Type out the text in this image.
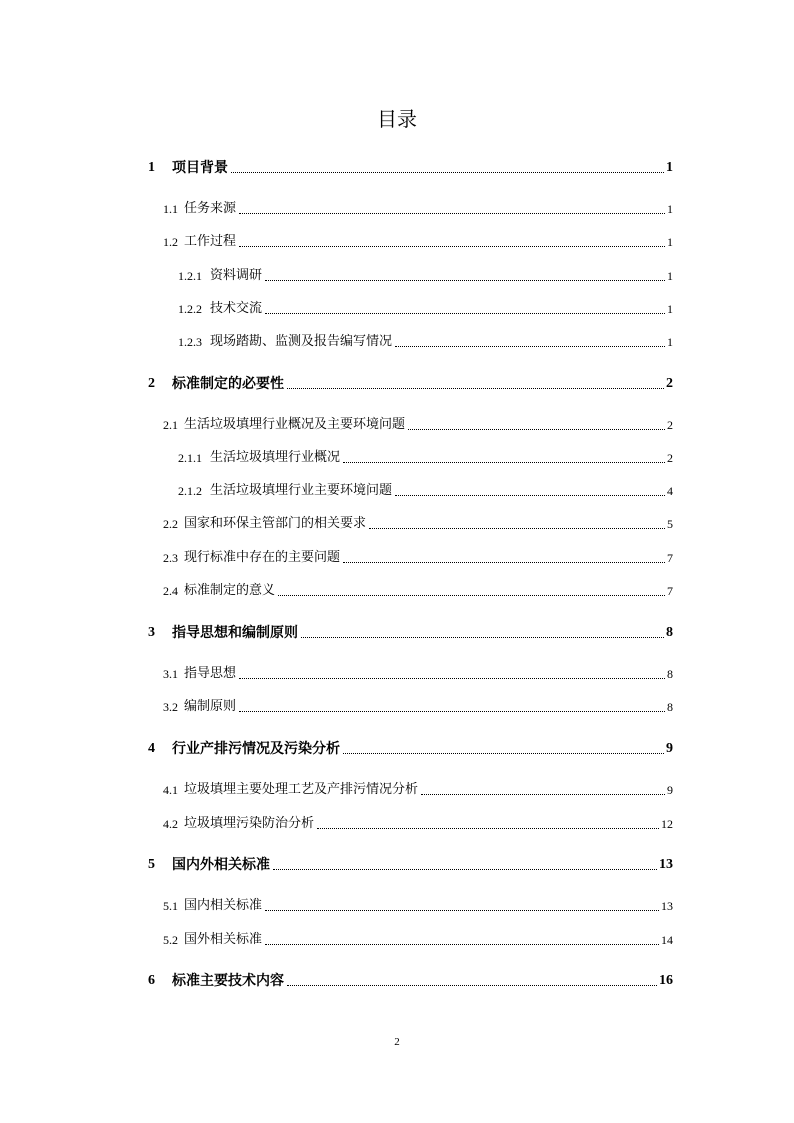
目录
1	项目背景	1
1.1 任务来源	1
1.2 工作过程	1
1.2.1 资料调研	1
1.2.2 技术交流	1
1.2.3 现场踏勘、监测及报告编写情况	1
2	标准制定的必要性	2
2.1 生活垃圾填埋行业概况及主要环境问题	2
2.1.1 生活垃圾填埋行业概况	2
2.1.2 生活垃圾填埋行业主要环境问题	4
2.2 国家和环保主管部门的相关要求	5
2.3 现行标准中存在的主要问题	7
2.4 标准制定的意义	7
3	指导思想和编制原则	8
3.1 指导思想	8
3.2 编制原则	8
4	行业产排污情况及污染分析	9
4.1 垃圾填埋主要处理工艺及产排污情况分析	9
4.2 垃圾填埋污染防治分析	12
5	国内外相关标准	13
5.1 国内相关标准	13
5.2 国外相关标准	14
6	标准主要技术内容	16
2
